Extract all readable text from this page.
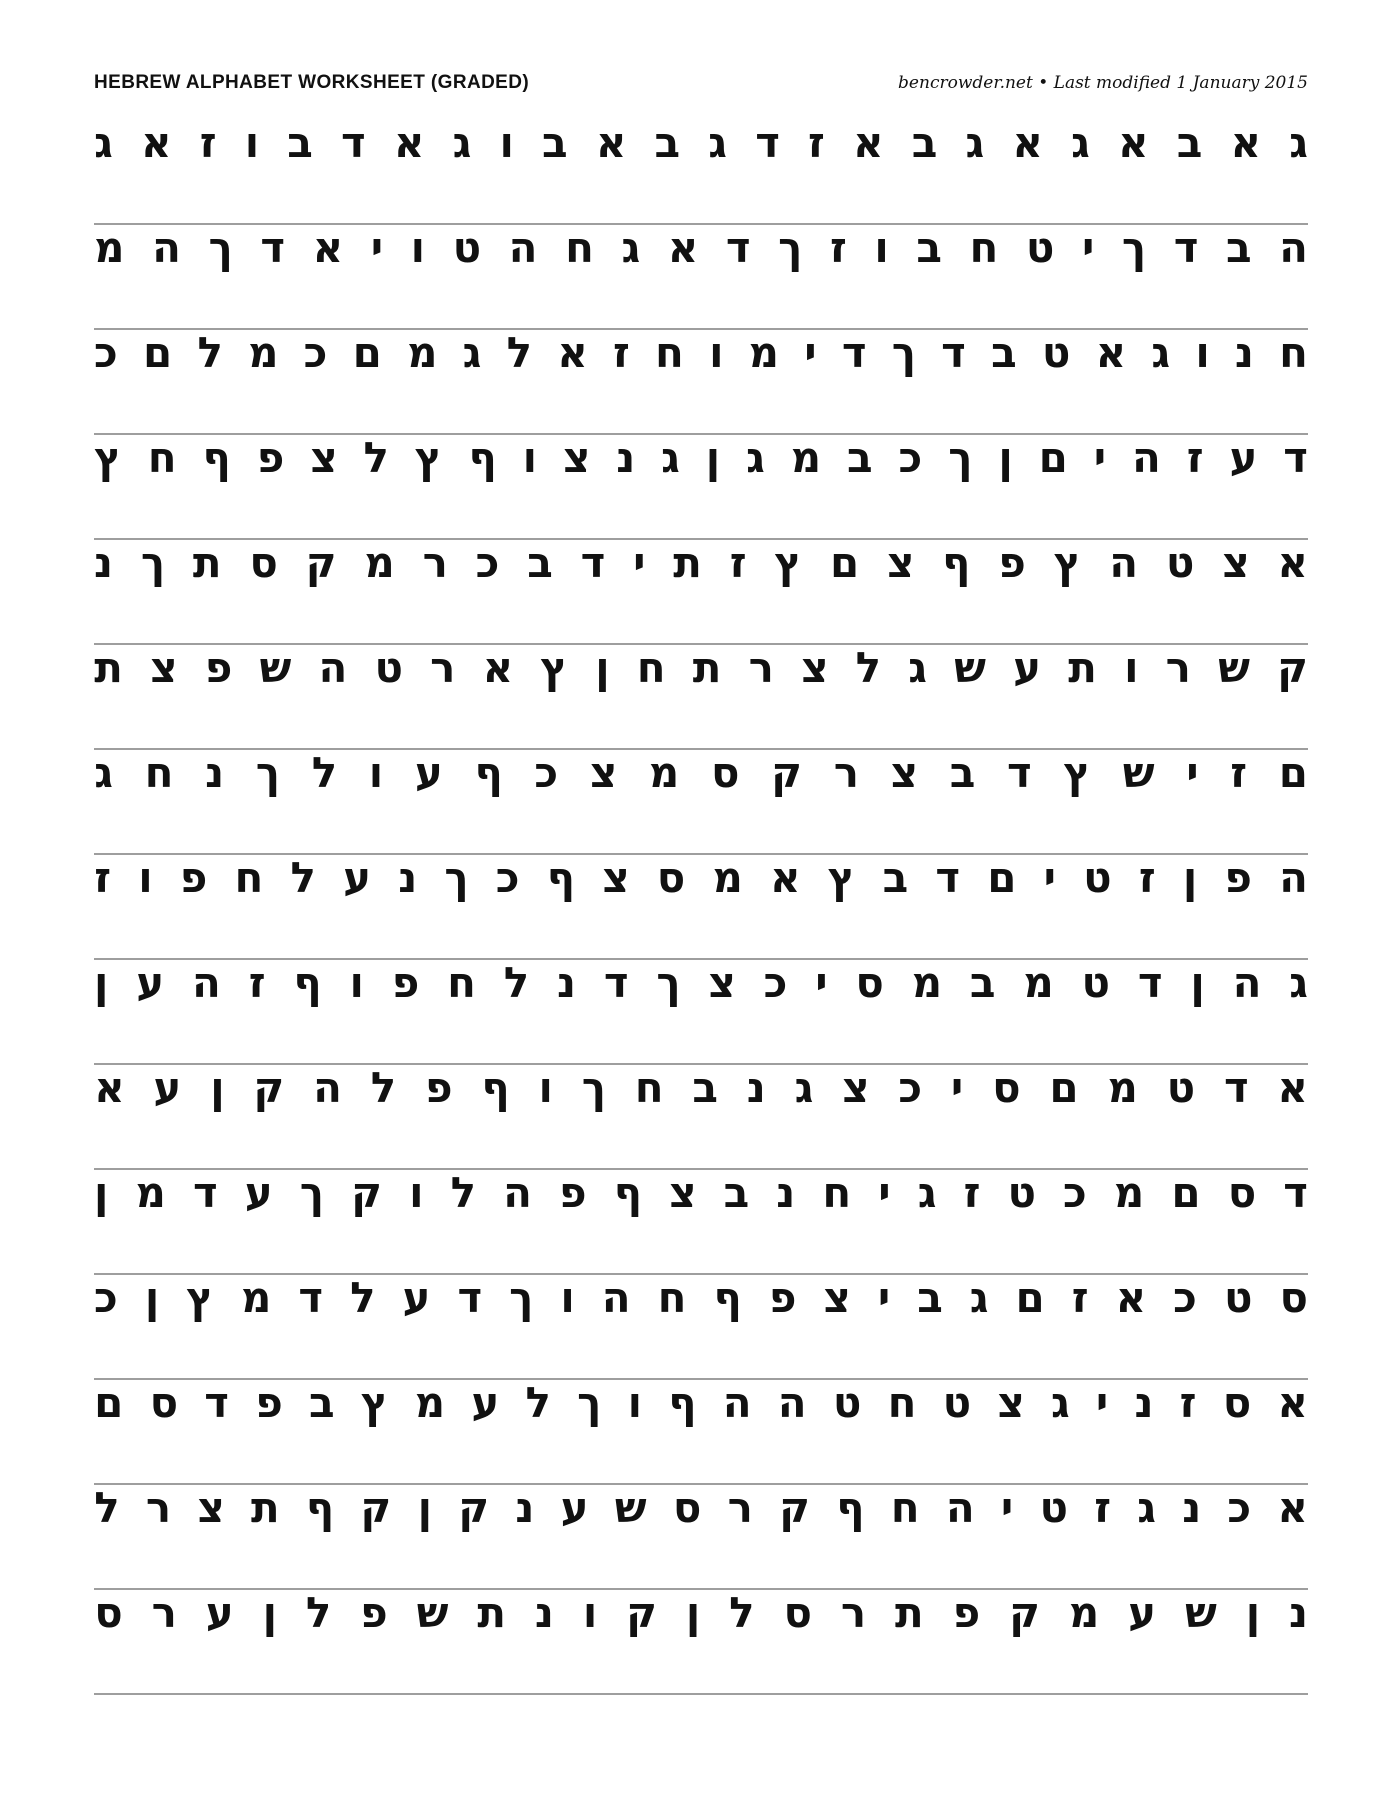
HEBREW ALPHABET WORKSHEET (GRADED)	bencrowder.net • Last modified 1 January 2015
ג
א
ב
א
ג
א
ג
ב
א
ז
ד
ג
ב
א
ב
ו
ג
א
ד
ב
ו
ז
א
ג
ה
ב
ד
ך
י
ט
ח
ב
ו
ז
ך
ד
א
ג
ח
ה
ט
ו
י
א
ד
ך
ה
מ
ח
נ
ו
ג
א
ט
ב
ד
ך
ד
י
מ
ו
ח
ז
א
ל
ג
מ
ם
כ
מ
ל
ם
כ
ד
ע
ז
ה
י
ם
ן
ך
כ
ב
מ
ג
ן
ג
נ
צ
ו
ף
ץ
ל
צ
פ
ף
ח
ץ
א
צ
ט
ה
ץ
פ
ף
צ
ם
ץ
ז
ת
י
ד
ב
כ
ר
מ
ק
ס
ת
ך
נ
ק
ש
ר
ו
ת
ע
ש
ג
ל
צ
ר
ת
ח
ן
ץ
א
ר
ט
ה
ש
פ
צ
ת
ם
ז
י
ש
ץ
ד
ב
צ
ר
ק
ס
מ
צ
כ
ף
ע
ו
ל
ך
נ
ח
ג
ה
פ
ן
ז
ט
י
ם
ד
ב
ץ
א
מ
ס
צ
ף
כ
ך
נ
ע
ל
ח
פ
ו
ז
ג
ה
ן
ד
ט
מ
ב
מ
ס
י
כ
צ
ך
ד
נ
ל
ח
פ
ו
ף
ז
ה
ע
ן
א
ד
ט
מ
ם
ס
י
כ
צ
ג
נ
ב
ח
ך
ו
ף
פ
ל
ה
ק
ן
ע
א
ד
ס
ם
מ
כ
ט
ז
ג
י
ח
נ
ב
צ
ף
פ
ה
ל
ו
ק
ך
ע
ד
מ
ן
ס
ט
כ
א
ז
ם
ג
ב
י
צ
פ
ף
ח
ה
ו
ך
ד
ע
ל
ד
מ
ץ
ן
כ
א
ס
ז
נ
י
ג
צ
ט
ח
ט
ה
ה
ף
ו
ך
ל
ע
מ
ץ
ב
פ
ד
ס
ם
א
כ
נ
ג
ז
ט
י
ה
ח
ף
ק
ר
ס
ש
ע
נ
ק
ן
ק
ף
ת
צ
ר
ל
נ
ן
ש
ע
מ
ק
פ
ת
ר
ס
ל
ן
ק
ו
נ
ת
ש
פ
ל
ן
ע
ר
ס
